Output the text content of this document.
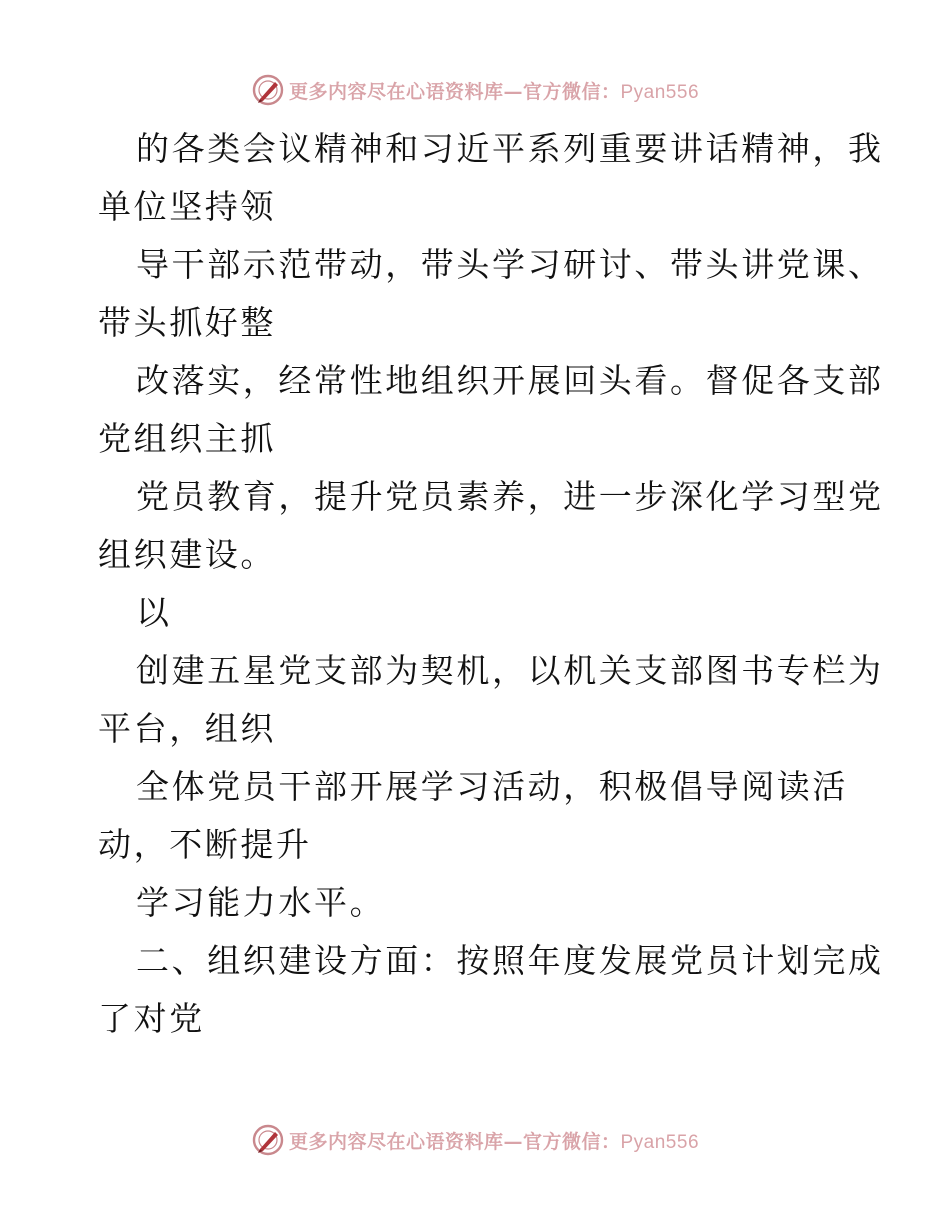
更多内容尽在心语资料库—官方微信：Pyan556
的各类会议精神和习近平系列重要讲话精神，我
单位坚持领
导干部示范带动，带头学习研讨、带头讲党课、
带头抓好整
改落实，经常性地组织开展回头看。督促各支部
党组织主抓
党员教育，提升党员素养，进一步深化学习型党
组织建设。
以
创建五星党支部为契机，以机关支部图书专栏为
平台，组织
全体党员干部开展学习活动，积极倡导阅读活
动，不断提升
学习能力水平。
二、组织建设方面：按照年度发展党员计划完成
了对党
更多内容尽在心语资料库—官方微信：Pyan556
